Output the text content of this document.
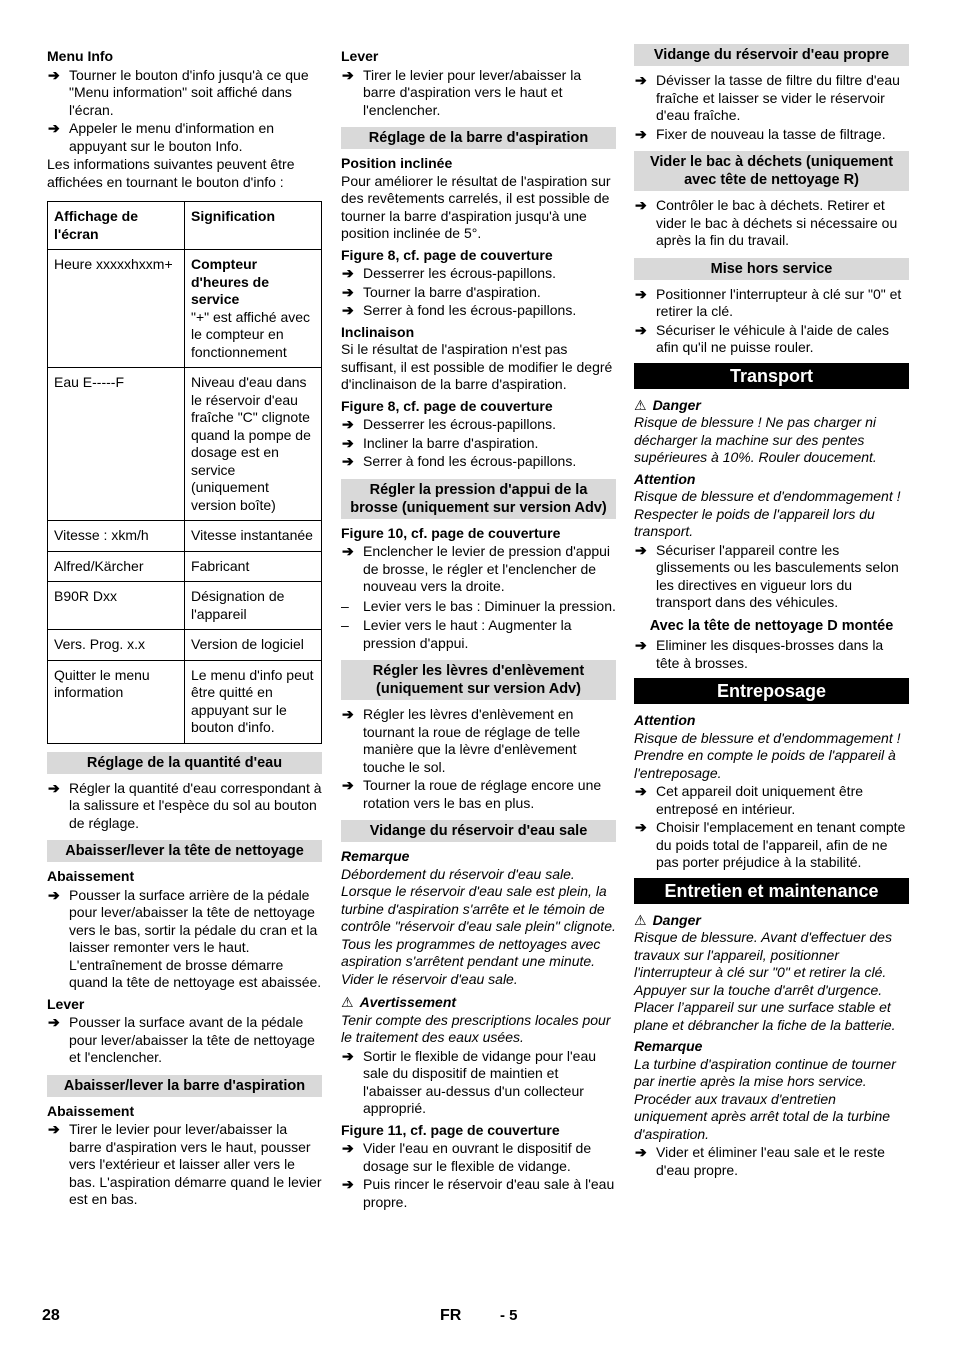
Menu Info

➔ Tourner le bouton d'info jusqu'à ce que "Menu information" soit affiché dans l'écran.
➔ Appeler le menu d'information en appuyant sur le bouton Info.

Les informations suivantes peuvent être affichées en tournant le bouton d'info :

Affichage de l'écran	Signification
Heure xxxxxhxxm+	Compteur d'heures de service
"+" est affiché avec le compteur en fonctionnement

Eau E-----F	Niveau d'eau dans le réservoir d'eau fraîche "C" clignote quand la pompe de dosage est en service (uniquement version boîte)
Vitesse : xkm/h	Vitesse instantanée
Alfred/Kärcher	Fabricant
B90R Dxx	Désignation de l'appareil
Vers. Prog. x.x	Version de logiciel
Quitter le menu information	Le menu d'info peut être quitté en appuyant sur le bouton d'info.
Réglage de la quantité d'eau
➔ Régler la quantité d'eau correspondant à la salissure et l'espèce du sol au bouton de réglage.
Abaisser/lever la tête de nettoyage

Abaissement

➔ Pousser la surface arrière de la pédale pour lever/abaisser la tête de nettoyage vers le bas, sortir la pédale du cran et la laisser remonter vers le haut. L'entraînement de brosse démarre quand la tête de nettoyage est abaissée.

Lever

➔ Pousser la surface avant de la pédale pour lever/abaisser la tête de nettoyage et l'enclencher.
Abaisser/lever la barre d'aspiration

Abaissement

➔ Tirer le levier pour lever/abaisser la barre d'aspiration vers le haut, pousser vers l'extérieur et laisser aller vers le bas. L'aspiration démarre quand le levier est en bas.

Lever

➔ Tirer le levier pour lever/abaisser la barre d'aspiration vers le haut et l'enclencher.
Réglage de la barre d'aspiration

Position inclinée

Pour améliorer le résultat de l'aspiration sur des revêtements carrelés, il est possible de tourner la barre d'aspiration jusqu'à une position inclinée de 5°.

Figure 8, cf. page de couverture

➔ Desserrer les écrous-papillons.
➔ Tourner la barre d'aspiration.
➔ Serrer à fond les écrous-papillons.

Inclinaison

Si le résultat de l'aspiration n'est pas suffisant, il est possible de modifier le degré d'inclinaison de la barre d'aspiration.

Figure 8, cf. page de couverture

➔ Desserrer les écrous-papillons.
➔ Incliner la barre d'aspiration.
➔ Serrer à fond les écrous-papillons.
Régler la pression d'appui de la brosse (uniquement sur version Adv)

Figure 10, cf. page de couverture

➔ Enclencher le levier de pression d'appui de brosse, le régler et l'enclencher de nouveau vers la droite.
– Levier vers le bas : Diminuer la pression.
– Levier vers le haut : Augmenter la pression d'appui.
Régler les lèvres d'enlèvement (uniquement sur version Adv)
➔ Régler les lèvres d'enlèvement en tournant la roue de réglage de telle manière que la lèvre d'enlèvement touche le sol.
➔ Tourner la roue de réglage encore une rotation vers le bas en plus.
Vidange du réservoir d'eau sale

Remarque

Débordement du réservoir d'eau sale. Lorsque le réservoir d'eau sale est plein, la turbine d'aspiration s'arrête et le témoin de contrôle "réservoir d'eau sale plein" clignote. Tous les programmes de nettoyages avec aspiration s'arrêtent pendant une minute. Vider le réservoir d'eau sale.

⚠ Avertissement

Tenir compte des prescriptions locales pour le traitement des eaux usées.

➔ Sortir le flexible de vidange pour l'eau sale du dispositif de maintien et l'abaisser au-dessus d'un collecteur approprié.

Figure 11, cf. page de couverture

➔ Vider l'eau en ouvrant le dispositif de dosage sur le flexible de vidange.
➔ Puis rincer le réservoir d'eau sale à l'eau propre.
Vidange du réservoir d'eau propre
➔ Dévisser la tasse de filtre du filtre d'eau fraîche et laisser se vider le réservoir d'eau fraîche.
➔ Fixer de nouveau la tasse de filtrage.
Vider le bac à déchets (uniquement avec tête de nettoyage R)
➔ Contrôler le bac à déchets. Retirer et vider le bac à déchets si nécessaire ou après la fin du travail.
Mise hors service
➔ Positionner l'interrupteur à clé sur "0" et retirer la clé.
➔ Sécuriser le véhicule à l'aide de cales afin qu'il ne puisse rouler.
Transport

⚠ Danger

Risque de blessure ! Ne pas charger ni décharger la machine sur des pentes supérieures à 10%. Rouler doucement.

Attention

Risque de blessure et d'endommagement ! Respecter le poids de l'appareil lors du transport.

➔ Sécuriser l'appareil contre les glissements ou les basculements selon les directives en vigueur lors du transport dans des véhicules.

Avec la tête de nettoyage D montée

➔ Eliminer les disques-brosses dans la tête à brosses.
Entreposage

Attention

Risque de blessure et d'endommagement ! Prendre en compte le poids de l'appareil à l'entreposage.

➔ Cet appareil doit uniquement être entreposé en intérieur.
➔ Choisir l'emplacement en tenant compte du poids total de l'appareil, afin de ne pas porter préjudice à la stabilité.
Entretien et maintenance

⚠ Danger

Risque de blessure. Avant d'effectuer des travaux sur l'appareil, positionner l'interrupteur à clé sur "0" et retirer la clé. Appuyer sur la touche d'arrêt d'urgence. Placer l’appareil sur une surface stable et plane et débrancher la fiche de la batterie.

Remarque

La turbine d'aspiration continue de tourner par inertie après la mise hors service. Procéder aux travaux d'entretien uniquement après arrêt total de la turbine d'aspiration.

➔ Vider et éliminer l'eau sale et le reste d'eau propre.
28	FR	- 5
